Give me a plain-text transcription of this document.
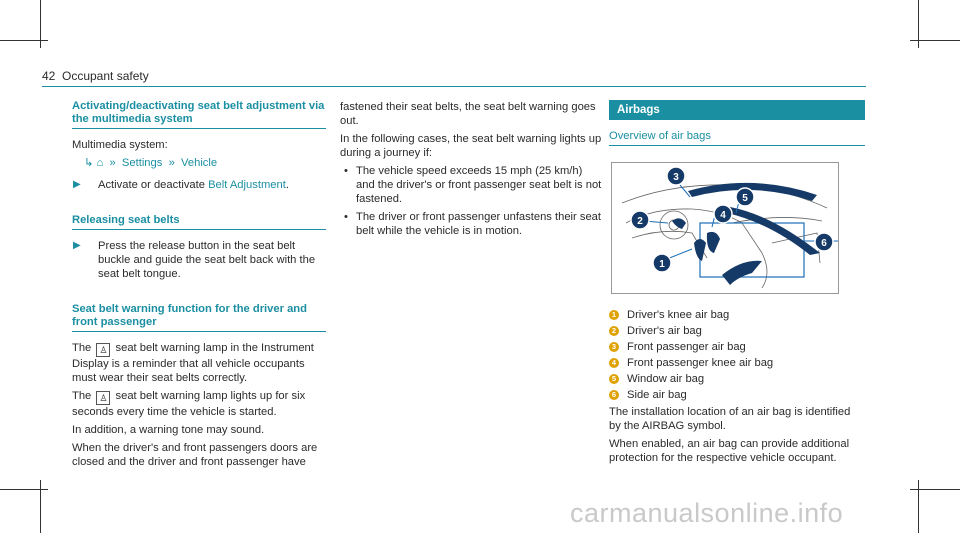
42 Occupant safety
Activating/deactivating seat belt adjustment via the multimedia system

Multimedia system:

↳ ⌂  »  Settings  »  Vehicle

▶ Activate or deactivate Belt Adjustment.
Releasing seat belts
▶ Press the release button in the seat belt buckle and guide the seat belt back with the seat belt tongue.
Seat belt warning function for the driver and front passenger

The ♙ seat belt warning lamp in the Instrument Display is a reminder that all vehicle occupants must wear their seat belts correctly.

The ♙ seat belt warning lamp lights up for six seconds every time the vehicle is started.

In addition, a warning tone may sound.

When the driver's and front passengers doors are closed and the driver and front passenger have

fastened their seat belts, the seat belt warning goes out.

In the following cases, the seat belt warning lights up during a journey if:

• The vehicle speed exceeds 15 mph (25 km/h) and the driver's or front passenger seat belt is not fastened.
• The driver or front passenger unfastens their seat belt while the vehicle is in motion.
Airbags
Overview of air bags
1
2
3
4
5
6
1 Driver's knee air bag
2 Driver's air bag
3 Front passenger air bag
4 Front passenger knee air bag
5 Window air bag
6 Side air bag

The installation location of an air bag is identified by the AIRBAG symbol.

When enabled, an air bag can provide additional protection for the respective vehicle occupant.

carmanualsonline.info
